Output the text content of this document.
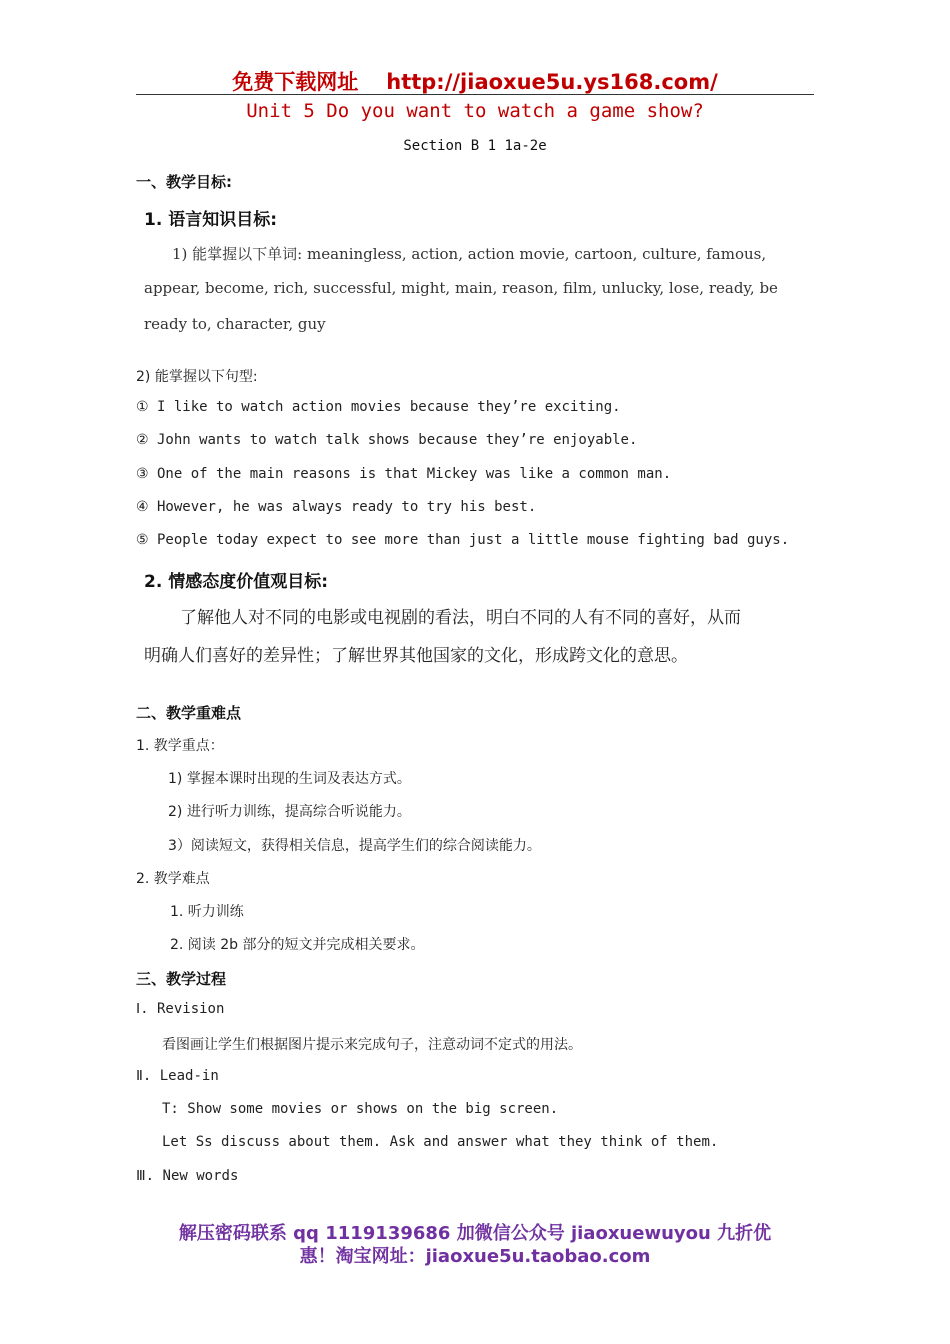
免费下载网址 http://jiaoxue5u.ys168.com/
Unit 5 Do you want to watch a game show?
Section B 1 1a-2e
一、教学目标:
1. 语言知识目标:
1) 能掌握以下单词: meaningless, action, action movie, cartoon, culture, famous,
appear, become, rich, successful, might, main, reason, film, unlucky, lose, ready, be
ready to, character, guy
2) 能掌握以下句型:
① I like to watch action movies because they’re exciting.
② John wants to watch talk shows because they’re enjoyable.
③ One of the main reasons is that Mickey was like a common man.
④ However, he was always ready to try his best.
⑤ People today expect to see more than just a little mouse fighting bad guys.
2. 情感态度价值观目标:
了解他人对不同的电影或电视剧的看法，明白不同的人有不同的喜好，从而
明确人们喜好的差异性；了解世界其他国家的文化，形成跨文化的意思。
二、教学重难点
1. 教学重点：
1) 掌握本课时出现的生词及表达方式。
2) 进行听力训练，提高综合听说能力。
3）阅读短文，获得相关信息，提高学生们的综合阅读能力。
2. 教学难点
1. 听力训练
2. 阅读 2b 部分的短文并完成相关要求。
三、教学过程
Ⅰ. Revision
看图画让学生们根据图片提示来完成句子，注意动词不定式的用法。
Ⅱ. Lead-in
T: Show some movies or shows on the big screen.
Let Ss discuss about them. Ask and answer what they think of them.
Ⅲ. New words
解压密码联系 qq 1119139686 加微信公众号 jiaoxuewuyou 九折优
惠！淘宝网址：jiaoxue5u.taobao.com
